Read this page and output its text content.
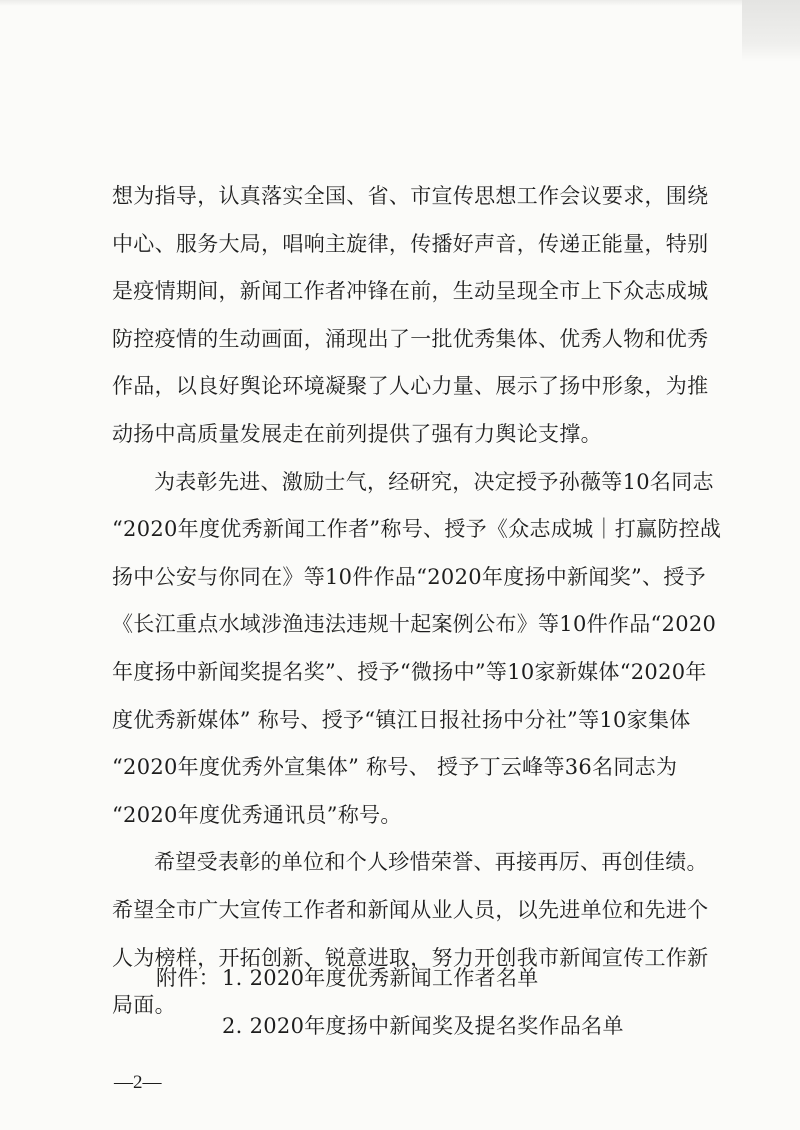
想为指导，认真落实全国、省、市宣传思想工作会议要求，围绕
中心、服务大局，唱响主旋律，传播好声音，传递正能量，特别
是疫情期间，新闻工作者冲锋在前，生动呈现全市上下众志成城
防控疫情的生动画面，涌现出了一批优秀集体、优秀人物和优秀
作品，以良好舆论环境凝聚了人心力量、展示了扬中形象，为推
动扬中高质量发展走在前列提供了强有力舆论支撑。
为表彰先进、激励士气，经研究，决定授予孙薇等10名同志
“2020年度优秀新闻工作者”称号、授予《众志成城｜打赢防控战
扬中公安与你同在》等10件作品“2020年度扬中新闻奖”、授予
《长江重点水域涉渔违法违规十起案例公布》等10件作品“2020
年度扬中新闻奖提名奖”、授予“微扬中”等10家新媒体“2020年
度优秀新媒体” 称号、授予“镇江日报社扬中分社”等10家集体
“2020年度优秀外宣集体” 称号、 授予丁云峰等36名同志为
“2020年度优秀通讯员”称号。
希望受表彰的单位和个人珍惜荣誉、再接再厉、再创佳绩。
希望全市广大宣传工作者和新闻从业人员，以先进单位和先进个
人为榜样，开拓创新、锐意进取，努力开创我市新闻宣传工作新
局面。
附件： 1. 2020年度优秀新闻工作者名单
—2—
2. 2020年度扬中新闻奖及提名奖作品名单
